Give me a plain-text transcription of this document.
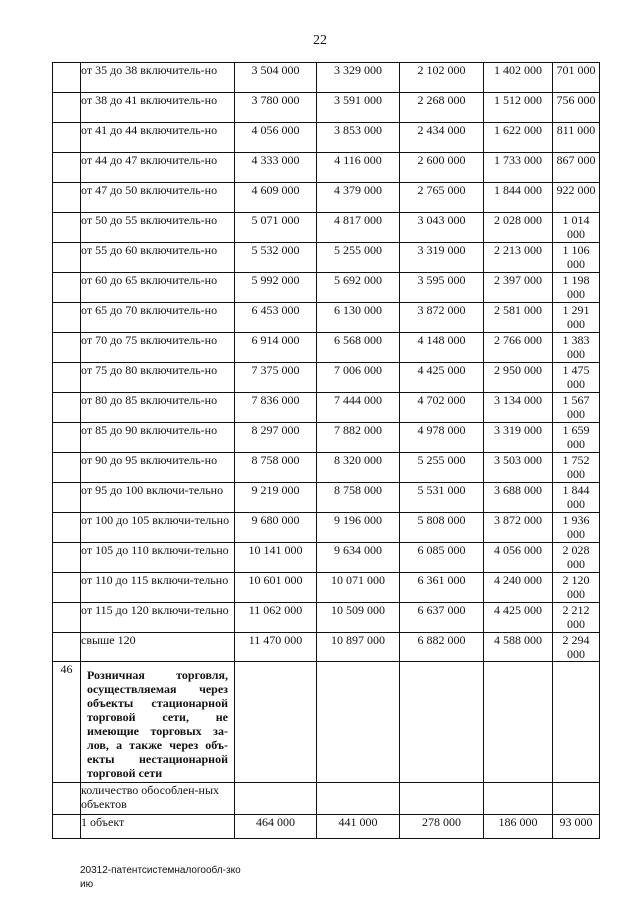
22
	от 35 до 38 включитель-но	3 504 000	3 329 000	2 102 000	1 402 000	701 000
	от 38 до 41 включитель-но	3 780 000	3 591 000	2 268 000	1 512 000	756 000
	от 41 до 44 включитель-но	4 056 000	3 853 000	2 434 000	1 622 000	811 000
	от 44 до 47 включитель-но	4 333 000	4 116 000	2 600 000	1 733 000	867 000
	от 47 до 50 включитель-но	4 609 000	4 379 000	2 765 000	1 844 000	922 000
	от 50 до 55 включитель-но	5 071 000	4 817 000	3 043 000	2 028 000	1 014 000
	от 55 до 60 включитель-но	5 532 000	5 255 000	3 319 000	2 213 000	1 106 000
	от 60 до 65 включитель-но	5 992 000	5 692 000	3 595 000	2 397 000	1 198 000
	от 65 до 70 включитель-но	6 453 000	6 130 000	3 872 000	2 581 000	1 291 000
	от 70 до 75 включитель-но	6 914 000	6 568 000	4 148 000	2 766 000	1 383 000
	от 75 до 80 включитель-но	7 375 000	7 006 000	4 425 000	2 950 000	1 475 000
	от 80 до 85 включитель-но	7 836 000	7 444 000	4 702 000	3 134 000	1 567 000
	от 85 до 90 включитель-но	8 297 000	7 882 000	4 978 000	3 319 000	1 659 000
	от 90 до 95 включитель-но	8 758 000	8 320 000	5 255 000	3 503 000	1 752 000
	от 95 до 100 включи-тельно	9 219 000	8 758 000	5 531 000	3 688 000	1 844 000
	от 100 до 105 включи-тельно	9 680 000	9 196 000	5 808 000	3 872 000	1 936 000
	от 105 до 110 включи-тельно	10 141 000	9 634 000	6 085 000	4 056 000	2 028 000
	от 110 до 115 включи-тельно	10 601 000	10 071 000	6 361 000	4 240 000	2 120 000
	от 115 до 120 включи-тельно	11 062 000	10 509 000	6 637 000	4 425 000	2 212 000
	свыше 120	11 470 000	10 897 000	6 882 000	4 588 000	2 294 000
46	Розничная торговля, осуществляемая через объекты стационарной торговой сети, не имеющие торговых за-лов, а также через объ-екты нестационарной торговой сети					
	количество обособлен-ных объектов					
	1 объект	464 000	441 000	278 000	186 000	93 000
20312-патентсистемналогообл-зко
ию
